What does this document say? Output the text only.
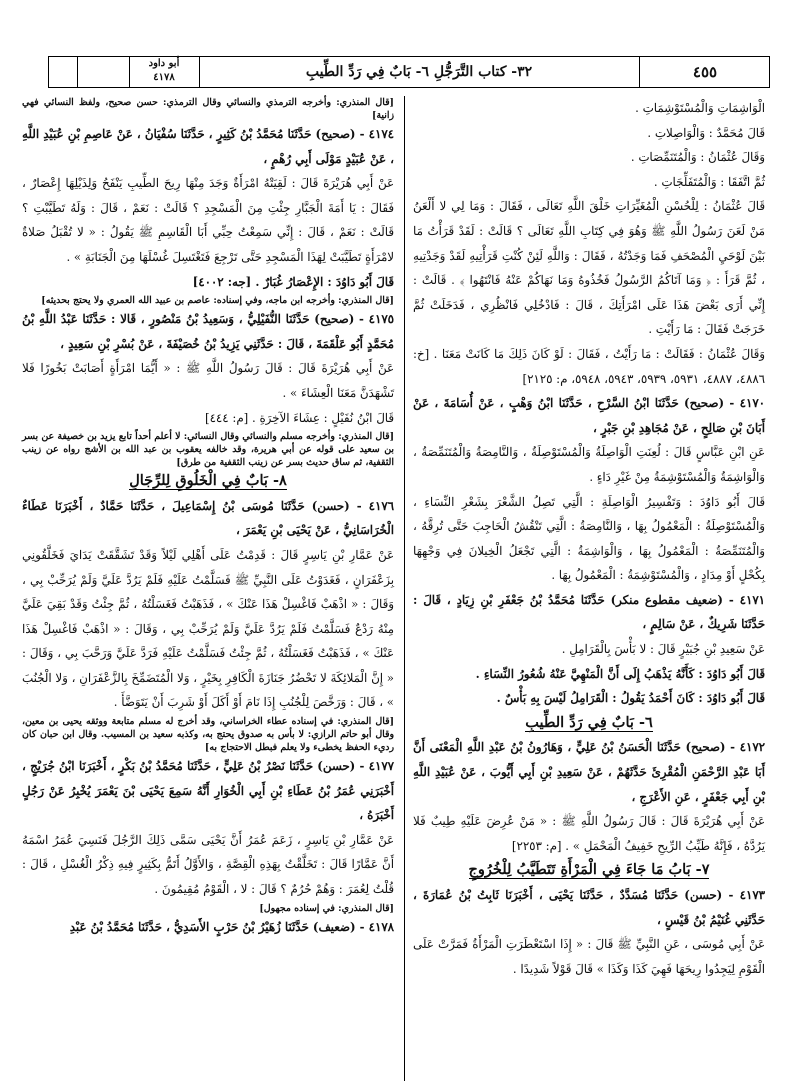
أبو داود
٤١٧٨	٣٢- كتاب التَّرَجُّلِ ٦- بَابٌ فِي رَدِّ الطِّيبِ	٤٥٥

الْوَاشِمَاتِ وَالْمُسْتَوْشِمَاتِ .

قَالَ مُحَمَّدٌ : وَالْوَاصِلاتِ .

وَقَالَ عُثْمَانُ : وَالْمُتَنَمِّصَاتِ .

ثُمَّ اتَّفَقَا : وَالْمُتَفَلِّجَاتِ .

قَالَ عُثْمَانُ : لِلْحُسْنِ الْمُغَيِّرَاتِ خَلْقَ اللَّهِ تَعَالَى ، فَقَالَ : وَمَا لِي لا أَلْعَنُ مَنْ لَعَنَ رَسُولُ اللَّهِ ﷺ وَهُوَ فِي كِتَابِ اللَّهِ تَعَالَى ؟ قَالَتْ : لَقَدْ قَرَأْتُ مَا بَيْنَ لَوْحَيِ الْمُصْحَفِ فَمَا وَجَدْتُهُ ، فَقَالَ : وَاللَّهِ لَئِنْ كُنْتِ قَرَأْتِيهِ لَقَدْ وَجَدْتِيهِ ، ثُمَّ قَرَأَ : ﴿ وَمَا آتَاكُمُ الرَّسُولُ فَخُذُوهُ وَمَا نَهَاكُمْ عَنْهُ فَانْتَهُوا ﴾ . قَالَتْ : إِنِّي أَرَى بَعْضَ هَذَا عَلَى امْرَأَتِكَ ، قَالَ : فَادْخُلِي فَانْظُرِي ، فَدَخَلَتْ ثُمَّ خَرَجَتْ فَقَالَ : مَا رَأَيْتِ .

وَقَالَ عُثْمَانُ : فَقَالَتْ : مَا رَأَيْتُ ، فَقَالَ : لَوْ كَانَ ذَلِكَ مَا كَانَتْ مَعَنَا . [خ: ٤٨٨٦، ٤٨٨٧، ٥٩٣١، ٥٩٣٩، ٥٩٤٣، ٥٩٤٨، م: ٢١٢٥]

٤١٧٠ - (صحيح) حَدَّثَنَا ابْنُ السَّرْحِ ، حَدَّثَنَا ابْنُ وَهْبٍ ، عَنْ أُسَامَةَ ، عَنْ أَبَانَ بْنِ صَالِحٍ ، عَنْ مُجَاهِدِ بْنِ جَبْرٍ ،

عَنِ ابْنِ عَبَّاسٍ قَالَ : لُعِنَتِ الْوَاصِلَةُ وَالْمُسْتَوْصِلَةُ ، وَالنَّامِصَةُ وَالْمُتَنَمِّصَةُ ، وَالْوَاشِمَةُ وَالْمُسْتَوْشِمَةُ مِنْ غَيْرِ دَاءٍ .

قَالَ أَبُو دَاوُدَ : وَتَفْسِيرُ الْوَاصِلَةِ : الَّتِي تَصِلُ الشَّعْرَ بِشَعْرِ النِّسَاءِ ، وَالْمُسْتَوْصِلَةُ : الْمَعْمُولُ بِهَا ، وَالنَّامِصَةُ : الَّتِي تَنْقُشُ الْحَاجِبَ حَتَّى تُرِقَّهُ ، وَالْمُتَنَمِّصَةُ : الْمَعْمُولُ بِهَا ، وَالْوَاشِمَةُ : الَّتِي تَجْعَلُ الْخِيلانَ فِي وَجْهِهَا بِكُحْلٍ أَوْ مِدَادٍ ، وَالْمُسْتَوْشِمَةُ : الْمَعْمُولُ بِهَا .

٤١٧١ - (ضعيف مقطوع منكر) حَدَّثَنَا مُحَمَّدُ بْنُ جَعْفَرِ بْنِ زِيَادٍ ، قَالَ : حَدَّثَنَا شَرِيكٌ ، عَنْ سَالِمٍ ،

عَنْ سَعِيدِ بْنِ جُبَيْرٍ قَالَ : لا بَأْسَ بِالْقَرَامِلِ .

قَالَ أَبُو دَاوُدَ : كَأَنَّهُ يَذْهَبُ إِلَى أَنَّ الْمَنْهِيَّ عَنْهُ شُعُورُ النِّسَاءِ .

قَالَ أَبُو دَاوُدَ : كَانَ أَحْمَدُ يَقُولُ : الْقَرَامِلُ لَيْسَ بِهِ بَأْسٌ .

٦- بَابٌ فِي رَدِّ الطِّيبِ

٤١٧٢ - (صحيح) حَدَّثَنَا الْحَسَنُ بْنُ عَلِيٍّ ، وَهَارُونُ بْنُ عَبْدِ اللَّهِ الْمَعْنَى أَنَّ أَبَا عَبْدِ الرَّحْمَنِ الْمُقْرِئَ حَدَّثَهُمْ ، عَنْ سَعِيدِ بْنِ أَبِي أَيُّوبَ ، عَنْ عُبَيْدِ اللَّهِ بْنِ أَبِي جَعْفَرٍ ، عَنِ الأَعْرَجِ ،

عَنْ أَبِي هُرَيْرَةَ قَالَ : قَالَ رَسُولُ اللَّهِ ﷺ : « مَنْ عُرِضَ عَلَيْهِ طِيبٌ فَلا يَرُدَّهُ ، فَإِنَّهُ طَيِّبُ الرِّيحِ خَفِيفُ الْمَحْمَلِ » . [م: ٢٢٥٣]

٧- بَابُ مَا جَاءَ فِي الْمَرْأَةِ تَتَطَيَّبُ لِلْخُرُوجِ

٤١٧٣ - (حسن) حَدَّثَنَا مُسَدَّدٌ ، حَدَّثَنَا يَحْيَى ، أَخْبَرَنَا ثَابِتُ بْنُ عُمَارَةَ ، حَدَّثَنِي غُنَيْمُ بْنُ قَيْسٍ ،

عَنْ أَبِي مُوسَى ، عَنِ النَّبِيِّ ﷺ قَالَ : « إِذَا اسْتَعْطَرَتِ الْمَرْأَةُ فَمَرَّتْ عَلَى الْقَوْمِ لِيَجِدُوا رِيحَهَا فَهِيَ كَذَا وَكَذَا » قَالَ قَوْلاً شَدِيدًا .

[قال المنذري: وأخرجه الترمذي والنسائي وقال الترمذي: حسن صحيح، ولفظ النسائي فهي زانية]

٤١٧٤ - (صحيح) حَدَّثَنَا مُحَمَّدُ بْنُ كَثِيرٍ ، حَدَّثَنَا سُفْيَانُ ، عَنْ عَاصِمِ بْنِ عُبَيْدِ اللَّهِ ، عَنْ عُبَيْدٍ مَوْلَى أَبِي رُهْمٍ ،

عَنْ أَبِي هُرَيْرَةَ قَالَ : لَقِيَتْهُ امْرَأَةٌ وَجَدَ مِنْهَا رِيحَ الطِّيبِ يَنْفَحُ وَلِذَيْلِهَا إِعْصَارٌ ، فَقَالَ : يَا أَمَةَ الْجَبَّارِ جِئْتِ مِنَ الْمَسْجِدِ ؟ قَالَتْ : نَعَمْ ، قَالَ : وَلَهُ تَطَيَّبْتِ ؟ قَالَتْ : نَعَمْ ، قَالَ : إِنِّي سَمِعْتُ حِبِّي أَبَا الْقَاسِمِ ﷺ يَقُولُ : « لا تُقْبَلُ صَلاةٌ لامْرَأَةٍ تَطَيَّبَتْ لِهَذَا الْمَسْجِدِ حَتَّى تَرْجِعَ فَتَغْتَسِلَ غُسْلَهَا مِنَ الْجَنَابَةِ » .

قَالَ أَبُو دَاوُدَ : الإِعْصَارُ غُبَارٌ . [جه: ٤٠٠٢]

[قال المنذري: وأخرجه ابن ماجه، وفي إسناده: عاصم بن عبيد الله العمري ولا يحتج بحديثه]

٤١٧٥ - (صحيح) حَدَّثَنَا النُّفَيْلِيُّ ، وَسَعِيدُ بْنُ مَنْصُورٍ ، قَالا : حَدَّثَنَا عَبْدُ اللَّهِ بْنُ مُحَمَّدٍ أَبُو عَلْقَمَةَ ، قَالَ : حَدَّثَنِي يَزِيدُ بْنُ خُصَيْفَةَ ، عَنْ بُسْرِ بْنِ سَعِيدٍ ،

عَنْ أَبِي هُرَيْرَةَ قَالَ : قَالَ رَسُولُ اللَّهِ ﷺ : « أَيُّمَا امْرَأَةٍ أَصَابَتْ بَخُورًا فَلا تَشْهَدَنَّ مَعَنَا الْعِشَاءَ » .

قَالَ ابْنُ نُفَيْلٍ : عِشَاءَ الآخِرَةِ . [م: ٤٤٤]

[قال المنذري: وأخرجه مسلم والنسائي وقال النسائي: لا أعلم أحداً تابع يزيد بن خصيفة عن بسر بن سعيد على قوله عن أبي هريرة، وقد خالفه يعقوب بن عبد الله بن الأشج رواه عن زينب الثقفية، ثم ساق حديث بسر عن زينب الثقفية من طرق]

٨- بَابٌ فِي الْخَلُوقِ لِلرِّجَالِ

٤١٧٦ - (حسن) حَدَّثَنَا مُوسَى بْنُ إِسْمَاعِيلَ ، حَدَّثَنَا حَمَّادٌ ، أَخْبَرَنَا عَطَاءٌ الْخُرَاسَانِيُّ ، عَنْ يَحْيَى بْنِ يَعْمَرَ ،

عَنْ عَمَّارِ بْنِ يَاسِرٍ قَالَ : قَدِمْتُ عَلَى أَهْلِي لَيْلاً وَقَدْ تَشَقَّقَتْ يَدَايَ فَخَلَّقُونِي بِزَعْفَرَانٍ ، فَغَدَوْتُ عَلَى النَّبِيِّ ﷺ فَسَلَّمْتُ عَلَيْهِ فَلَمْ يَرُدَّ عَلَيَّ وَلَمْ يُرَحِّبْ بِي ، وَقَالَ : « اذْهَبْ فَاغْسِلْ هَذَا عَنْكَ » ، فَذَهَبْتُ فَغَسَلْتُهُ ، ثُمَّ جِئْتُ وَقَدْ بَقِيَ عَلَيَّ مِنْهُ رَدْعٌ فَسَلَّمْتُ فَلَمْ يَرُدَّ عَلَيَّ وَلَمْ يُرَحِّبْ بِي ، وَقَالَ : « اذْهَبْ فَاغْسِلْ هَذَا عَنْكَ » ، فَذَهَبْتُ فَغَسَلْتُهُ ، ثُمَّ جِئْتُ فَسَلَّمْتُ عَلَيْهِ فَرَدَّ عَلَيَّ وَرَحَّبَ بِي ، وَقَالَ : « إِنَّ الْمَلائِكَةَ لا تَحْضُرُ جَنَازَةَ الْكَافِرِ بِخَيْرٍ ، وَلا الْمُتَضَمِّخَ بِالزَّعْفَرَانِ ، وَلا الْجُنُبَ » ، قَالَ : وَرَخَّصَ لِلْجُنُبِ إِذَا نَامَ أَوْ أَكَلَ أَوْ شَرِبَ أَنْ يَتَوَضَّأَ .

[قال المنذري: في إسناده عطاء الخراساني، وقد أخرج له مسلم متابعة ووثقه يحيى بن معين، وقال أبو حاتم الرازي: لا بأس به صدوق يحتج به، وكذبه سعيد بن المسيب. وقال ابن حبان كان رديء الحفظ يخطىء ولا يعلم فبطل الاحتجاج به]

٤١٧٧ - (حسن) حَدَّثَنَا نَصْرُ بْنُ عَلِيٍّ ، حَدَّثَنَا مُحَمَّدُ بْنُ بَكْرٍ ، أَخْبَرَنَا ابْنُ جُرَيْجٍ ، أَخْبَرَنِي عُمَرُ بْنُ عَطَاءِ بْنِ أَبِي الْخُوَارِ أَنَّهُ سَمِعَ يَحْيَى بْنَ يَعْمَرَ يُخْبِرُ عَنْ رَجُلٍ أَخْبَرَهُ ،

عَنْ عَمَّارِ بْنِ يَاسِرٍ ، زَعَمَ عُمَرُ أَنَّ يَحْيَى سَمَّى ذَلِكَ الرَّجُلَ فَنَسِيَ عُمَرُ اسْمَهُ أَنَّ عَمَّارًا قَالَ : تَخَلَّقْتُ بِهَذِهِ الْقِصَّةِ ، وَالأَوَّلُ أَتَمُّ بِكَثِيرٍ فِيهِ ذِكْرُ الْغُسْلِ ، قَالَ : قُلْتُ لِعُمَرَ : وَهُمْ حُرُمٌ ؟ قَالَ : لا ، الْقَوْمُ مُقِيمُونَ .

[قال المنذري: في إسناده مجهول]

٤١٧٨ - (ضعيف) حَدَّثَنَا زُهَيْرُ بْنُ حَرْبٍ الأَسَدِيُّ ، حَدَّثَنَا مُحَمَّدُ بْنُ عَبْدِ
